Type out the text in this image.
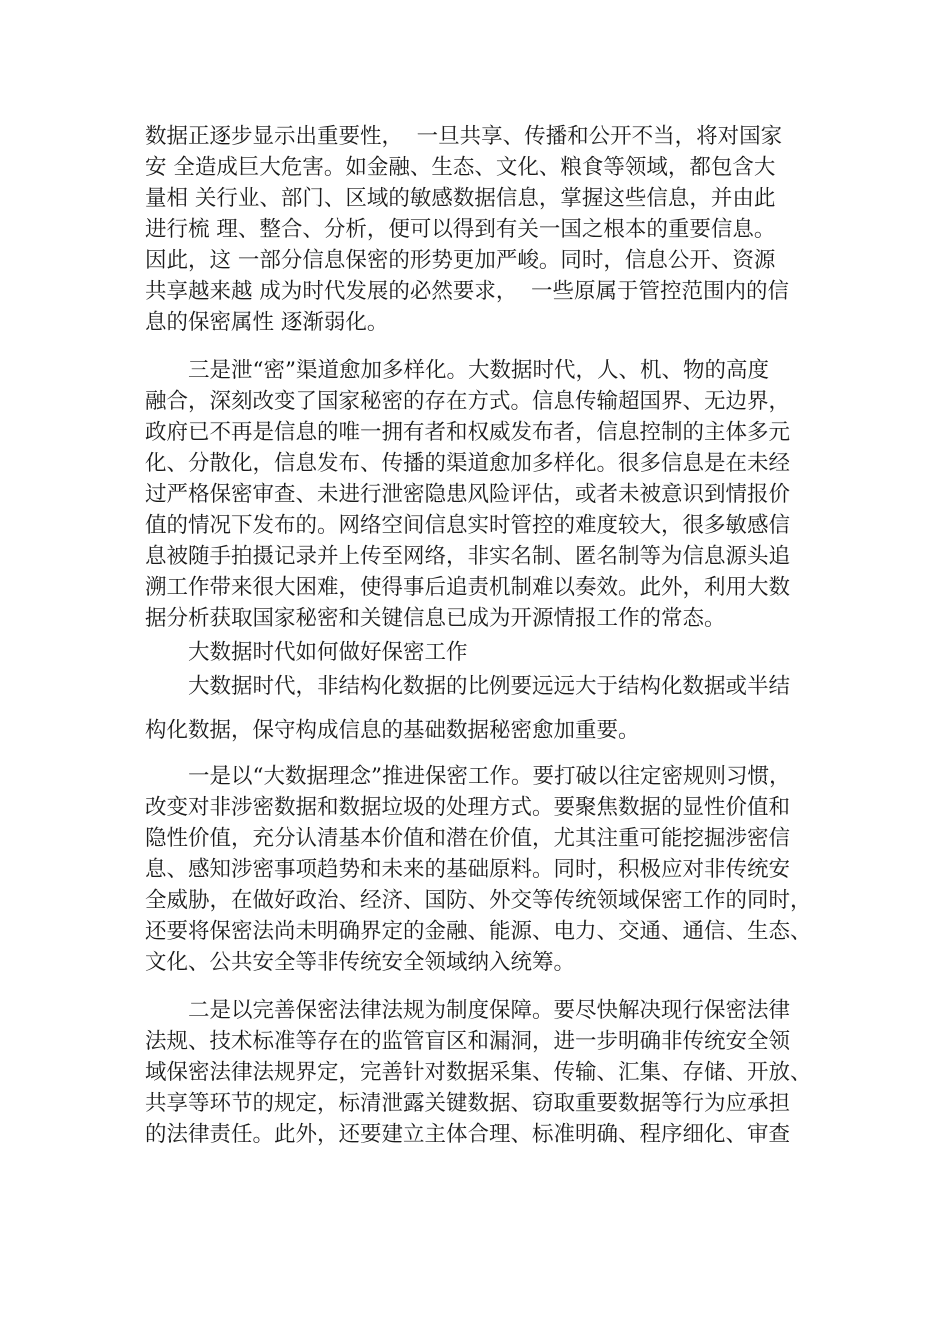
数据正逐步显示出重要性，  一旦共享、传播和公开不当，将对国家
安 全造成巨大危害。如金融、生态、文化、粮食等领域，都包含大
量相 关行业、部门、区域的敏感数据信息，掌握这些信息，并由此
进行梳 理、整合、分析，便可以得到有关一国之根本的重要信息。
因此，这 一部分信息保密的形势更加严峻。同时，信息公开、资源
共享越来越 成为时代发展的必然要求，  一些原属于管控范围内的信
息的保密属性 逐渐弱化。
三是泄“密”渠道愈加多样化。大数据时代，人、机、物的高度
融合，深刻改变了国家秘密的存在方式。信息传输超国界、无边界，
政府已不再是信息的唯一拥有者和权威发布者，信息控制的主体多元
化、分散化，信息发布、传播的渠道愈加多样化。很多信息是在未经
过严格保密审查、未进行泄密隐患风险评估，或者未被意识到情报价
值的情况下发布的。网络空间信息实时管控的难度较大，很多敏感信
息被随手拍摄记录并上传至网络，非实名制、匿名制等为信息源头追
溯工作带来很大困难，使得事后追责机制难以奏效。此外，利用大数
据分析获取国家秘密和关键信息已成为开源情报工作的常态。
大数据时代如何做好保密工作
大数据时代，非结构化数据的比例要远远大于结构化数据或半结
构化数据，保守构成信息的基础数据秘密愈加重要。
一是以“大数据理念”推进保密工作。要打破以往定密规则习惯，
改变对非涉密数据和数据垃圾的处理方式。要聚焦数据的显性价值和
隐性价值，充分认清基本价值和潜在价值，尤其注重可能挖掘涉密信
息、感知涉密事项趋势和未来的基础原料。同时，积极应对非传统安
全威胁，在做好政治、经济、国防、外交等传统领域保密工作的同时，
还要将保密法尚未明确界定的金融、能源、电力、交通、通信、生态、
文化、公共安全等非传统安全领域纳入统筹。
二是以完善保密法律法规为制度保障。要尽快解决现行保密法律
法规、技术标准等存在的监管盲区和漏洞，进一步明确非传统安全领
域保密法律法规界定，完善针对数据采集、传输、汇集、存储、开放、
共享等环节的规定，标清泄露关键数据、窃取重要数据等行为应承担
的法律责任。此外，还要建立主体合理、标准明确、程序细化、审查
